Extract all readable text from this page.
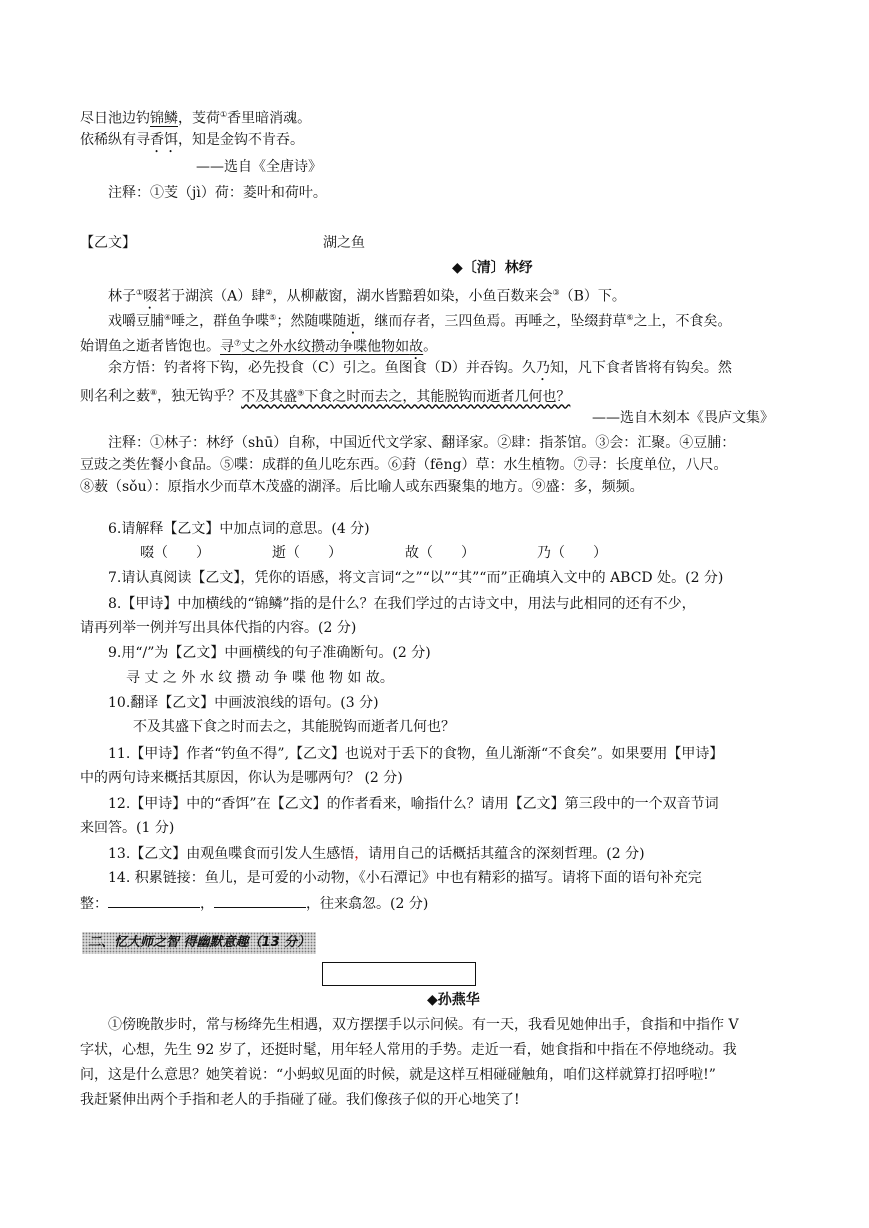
尽日池边钓锦鳞，芰荷①香里暗消魂。
依稀纵有寻香饵，知是金钩不肯吞。
——选自《全唐诗》
注释：①芰（jì）荷：菱叶和荷叶。
【乙文】	湖之鱼
◆〔清〕林纾
林子①啜茗于湖滨（A）肆②，从柳蔽窗，湖水皆黯碧如染，小鱼百数来会③（B）下。
戏嚼豆脯④唾之，群鱼争喋⑤；然随喋随逝，继而存者，三四鱼焉。再唾之，坠缀葑草⑥之上，不食矣。
始谓鱼之逝者皆饱也。寻⑦丈之外水纹攒动争喋他物如故。
余方悟：钓者将下钩，必先投食（C）引之。鱼图食（D）并吞钩。久乃知，凡下食者皆将有钩矣。然
则名利之薮⑧，独无钩乎？不及其盛⑨下食之时而去之，其能脱钩而逝者几何也？
——选自木刻本《畏庐文集》
注释：①林子：林纾（shū）自称，中国近代文学家、翻译家。②肆：指茶馆。③会：汇聚。④豆脯：
豆豉之类佐餐小食品。⑤喋：成群的鱼儿吃东西。⑥葑（fēng）草：水生植物。⑦寻：长度单位，八尺。
⑧薮（sǒu）：原指水少而草木茂盛的湖泽。后比喻人或东西聚集的地方。⑨盛：多，频频。
6.请解释【乙文】中加点词的意思。(4 分)
啜（　　）	逝（　　）	故（　　）	乃（　　）
7.请认真阅读【乙文】，凭你的语感，将文言词“之”“以”“其”“而”正确填入文中的 ABCD 处。(2 分)
8.【甲诗】中加横线的“锦鳞”指的是什么？在我们学过的古诗文中，用法与此相同的还有不少，
请再列举一例并写出具体代指的内容。(2 分)
9.用“/”为【乙文】中画横线的句子准确断句。(2 分)
寻 丈 之 外 水 纹 攒 动 争 喋 他 物 如 故。
10.翻译【乙文】中画波浪线的语句。(3 分)
不及其盛下食之时而去之，其能脱钩而逝者几何也？
11.【甲诗】作者“钓鱼不得”,【乙文】也说对于丢下的食物，鱼儿渐渐“不食矣”。如果要用【甲诗】
中的两句诗来概括其原因，你认为是哪两句？ (2 分)
12.【甲诗】中的“香饵”在【乙文】的作者看来，喻指什么？请用【乙文】第三段中的一个双音节词
来回答。(1 分)
13.【乙文】由观鱼喋食而引发人生感悟，请用自己的话概括其蕴含的深刻哲理。(2 分)
14. 积累链接：鱼儿，是可爱的小动物，《小石潭记》中也有精彩的描写。请将下面的语句补充完
整：	，	，往来翕忽。(2 分)
二、忆大师之智 得幽默意趣（13 分）
◆孙燕华
①傍晚散步时，常与杨绛先生相遇，双方摆摆手以示问候。有一天，我看见她伸出手，食指和中指作 V
字状，心想，先生 92 岁了，还挺时髦，用年轻人常用的手势。走近一看，她食指和中指在不停地绕动。我
问，这是什么意思？她笑着说：“小蚂蚁见面的时候，就是这样互相碰碰触角，咱们这样就算打招呼啦!”
我赶紧伸出两个手指和老人的手指碰了碰。我们像孩子似的开心地笑了!
